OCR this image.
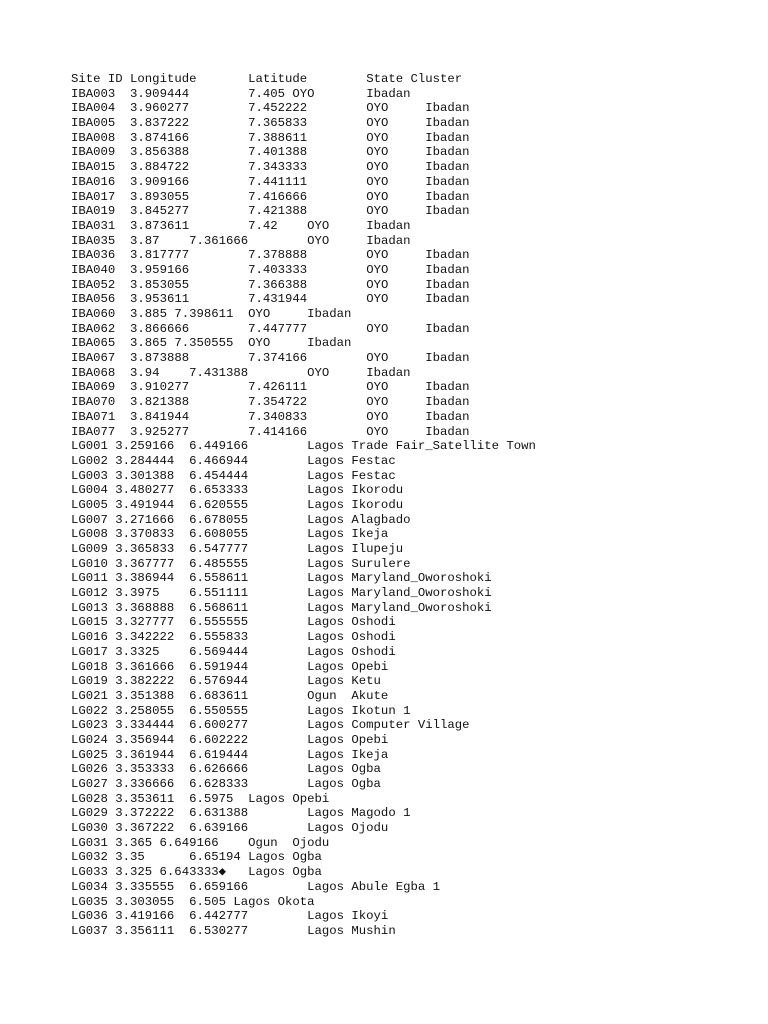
Site ID	Longitude	Latitude	State Cluster
IBA003	3.909444	7.405 OYO	Ibadan
IBA004	3.960277	7.452222	OYO	Ibadan
IBA005	3.837222	7.365833	OYO	Ibadan
IBA008	3.874166	7.388611	OYO	Ibadan
IBA009	3.856388	7.401388	OYO	Ibadan
IBA015	3.884722	7.343333	OYO	Ibadan
IBA016	3.909166	7.441111	OYO	Ibadan
IBA017	3.893055	7.416666	OYO	Ibadan
IBA019	3.845277	7.421388	OYO	Ibadan
IBA031	3.873611	7.42	OYO	Ibadan
IBA035	3.87	7.361666	OYO	Ibadan
IBA036	3.817777	7.378888	OYO	Ibadan
IBA040	3.959166	7.403333	OYO	Ibadan
IBA052	3.853055	7.366388	OYO	Ibadan
IBA056	3.953611	7.431944	OYO	Ibadan
IBA060	3.885 7.398611	OYO	Ibadan
IBA062	3.866666	7.447777	OYO	Ibadan
IBA065	3.865 7.350555	OYO	Ibadan
IBA067	3.873888	7.374166	OYO	Ibadan
IBA068	3.94	7.431388	OYO	Ibadan
IBA069	3.910277	7.426111	OYO	Ibadan
IBA070	3.821388	7.354722	OYO	Ibadan
IBA071	3.841944	7.340833	OYO	Ibadan
IBA077	3.925277	7.414166	OYO	Ibadan
LG001 3.259166	6.449166	Lagos Trade Fair_Satellite Town
LG002 3.284444	6.466944	Lagos Festac
LG003 3.301388	6.454444	Lagos Festac
LG004 3.480277	6.653333	Lagos Ikorodu
LG005 3.491944	6.620555	Lagos Ikorodu
LG007 3.271666	6.678055	Lagos Alagbado
LG008 3.370833	6.608055	Lagos Ikeja
LG009 3.365833	6.547777	Lagos Ilupeju
LG010 3.367777	6.485555	Lagos Surulere
LG011 3.386944	6.558611	Lagos Maryland_Oworoshoki
LG012 3.3975	6.551111	Lagos Maryland_Oworoshoki
LG013 3.368888	6.568611	Lagos Maryland_Oworoshoki
LG015 3.327777	6.555555	Lagos Oshodi
LG016 3.342222	6.555833	Lagos Oshodi
LG017 3.3325	6.569444	Lagos Oshodi
LG018 3.361666	6.591944	Lagos Opebi
LG019 3.382222	6.576944	Lagos Ketu
LG021 3.351388	6.683611	Ogun  Akute
LG022 3.258055	6.550555	Lagos Ikotun 1
LG023 3.334444	6.600277	Lagos Computer Village
LG024 3.356944	6.602222	Lagos Opebi
LG025 3.361944	6.619444	Lagos Ikeja
LG026 3.353333	6.626666	Lagos Ogba
LG027 3.336666	6.628333	Lagos Ogba
LG028 3.353611	6.5975	Lagos Opebi
LG029 3.372222	6.631388	Lagos Magodo 1
LG030 3.367222	6.639166	Lagos Ojodu
LG031 3.365 6.649166	Ogun  Ojodu
LG032 3.35	6.65194	Lagos Ogba
LG033 3.325 6.643333◆	Lagos Ogba
LG034 3.335555	6.659166	Lagos Abule Egba 1
LG035 3.303055	6.505 Lagos Okota
LG036 3.419166	6.442777	Lagos Ikoyi
LG037 3.356111	6.530277	Lagos Mushin
